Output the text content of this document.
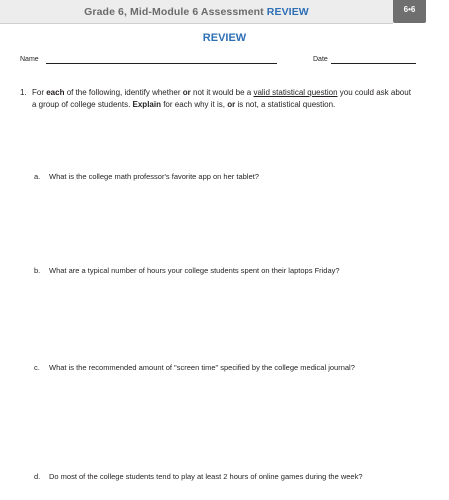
Grade 6, Mid-Module 6 Assessment REVIEW	6•6
REVIEW
Name	Date
1. For each of the following, identify whether or not it would be a valid statistical question you could ask about a group of college students. Explain for each why it is, or is not, a statistical question.
a. What is the college math professor's favorite app on her tablet?
b. What are a typical number of hours your college students spent on their laptops Friday?
c. What is the recommended amount of "screen time" specified by the college medical journal?
d. Do most of the college students tend to play at least 2 hours of online games during the week?
